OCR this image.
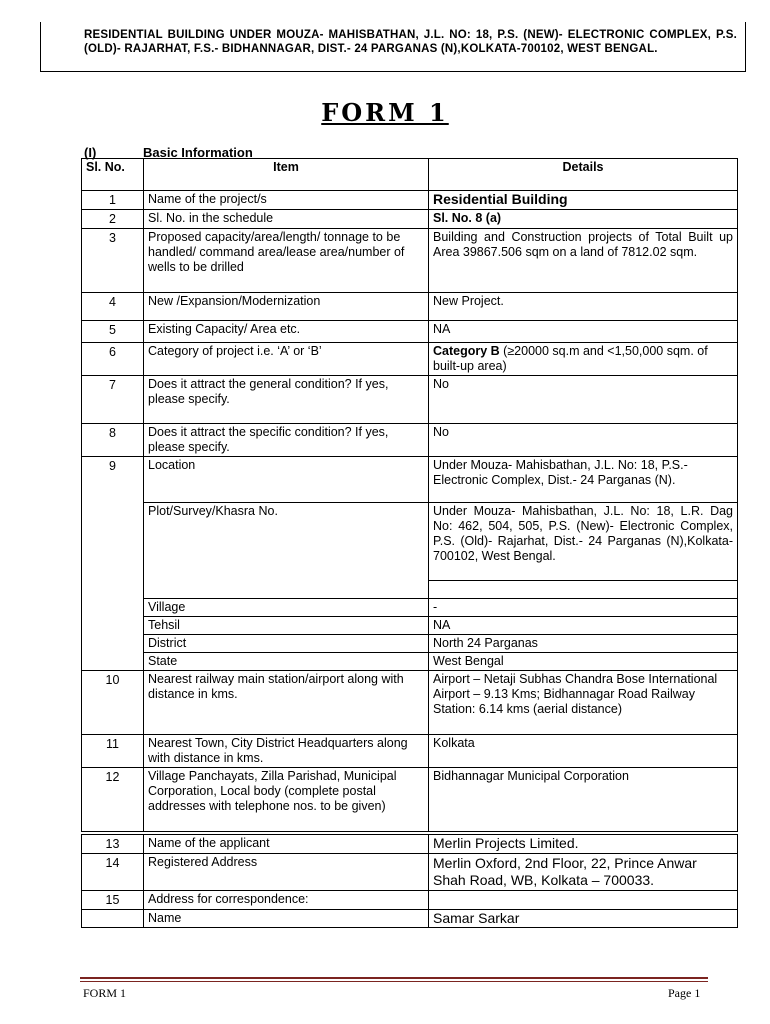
RESIDENTIAL BUILDING UNDER MOUZA- MAHISBATHAN, J.L. NO: 18, P.S. (NEW)- ELECTRONIC COMPLEX, P.S. (OLD)- RAJARHAT, F.S.- BIDHANNAGAR, DIST.- 24 PARGANAS (N),KOLKATA-700102, WEST BENGAL.
FORM 1
(I)	Basic Information
Sl. No.	Item	Details
1	Name of the project/s	Residential Building
2	Sl. No. in the schedule	Sl. No. 8 (a)
3	Proposed capacity/area/length/ tonnage to be handled/ command area/lease area/number of wells to be drilled	Building and Construction projects of Total Built up Area 39867.506 sqm on a land of 7812.02 sqm.
4	New /Expansion/Modernization	New Project.
5	Existing Capacity/ Area etc.	NA
6	Category of project i.e. ‘A’ or ‘B’	Category B (≥20000 sq.m and <1,50,000 sqm. of built-up area)
7	Does it attract the general condition? If yes, please specify.	No
8	Does it attract the specific condition? If yes, please specify.	No
9	Location	Under Mouza- Mahisbathan, J.L. No: 18, P.S.- Electronic Complex, Dist.- 24 Parganas (N).
	Plot/Survey/Khasra No.	Under Mouza- Mahisbathan, J.L. No: 18, L.R. Dag No: 462, 504, 505, P.S. (New)- Electronic Complex, P.S. (Old)- Rajarhat, Dist.- 24 Parganas (N),Kolkata- 700102, West Bengal.

	Village	-
	Tehsil	NA
	District	North 24 Parganas
	State	West Bengal
10	Nearest railway main station/airport along with distance in kms.	Airport – Netaji Subhas Chandra Bose International Airport – 9.13 Kms; Bidhannagar Road Railway Station: 6.14 kms (aerial distance)
11	Nearest Town, City District Headquarters along with distance in kms.	Kolkata
12	Village Panchayats, Zilla Parishad, Municipal Corporation, Local body (complete postal addresses with telephone nos. to be given)	Bidhannagar Municipal Corporation
13	Name of the applicant	Merlin Projects Limited.
14	Registered Address	Merlin Oxford, 2nd Floor, 22, Prince Anwar Shah Road, WB, Kolkata – 700033.
15	Address for correspondence:	
	Name	Samar Sarkar
FORM 1	Page 1
